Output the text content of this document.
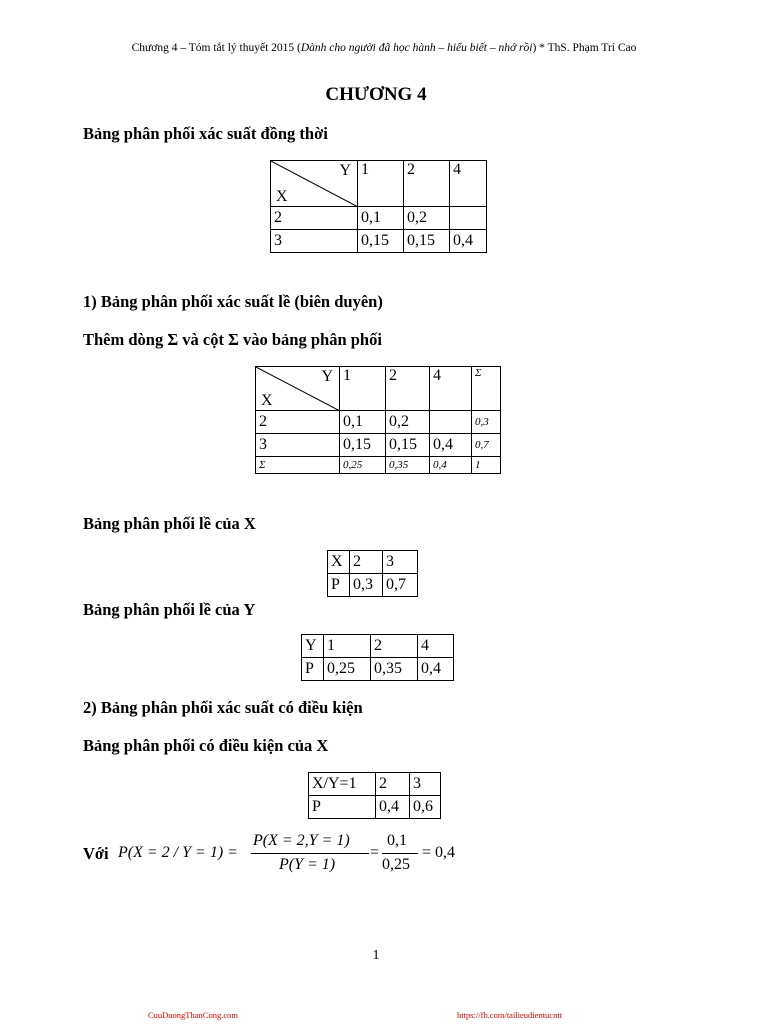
Chương 4 – Tóm tắt lý thuyết 2015 (Dành cho người đã học hành – hiểu biết – nhớ rồi) * ThS. Phạm Trí Cao
CHƯƠNG 4
Bảng phân phối xác suất đồng thời
Y
X	1	2	4
2	0,1	0,2	
3	0,15	0,15	0,4
1) Bảng phân phối xác suất lề (biên duyên)
Thêm dòng Σ và cột Σ vào bảng phân phối
Y
X	1	2	4	Σ
2	0,1	0,2		0,3
3	0,15	0,15	0,4	0,7
Σ	0,25	0,35	0,4	1
Bảng phân phối lề của X
X	2	3
P	0,3	0,7
Bảng phân phối lề của Y
Y	1	2	4
P	0,25	0,35	0,4
2) Bảng phân phối xác suất có điều kiện
Bảng phân phối có điều kiện của X
X/Y=1	2	3
P	0,4	0,6
Với P(X = 2 / Y = 1) =
P(X = 2,Y = 1)
P(Y = 1)
=
0,1
0,25
= 0,4
1
CuuDuongThanCong.com	https://fb.com/tailieudientucntt
